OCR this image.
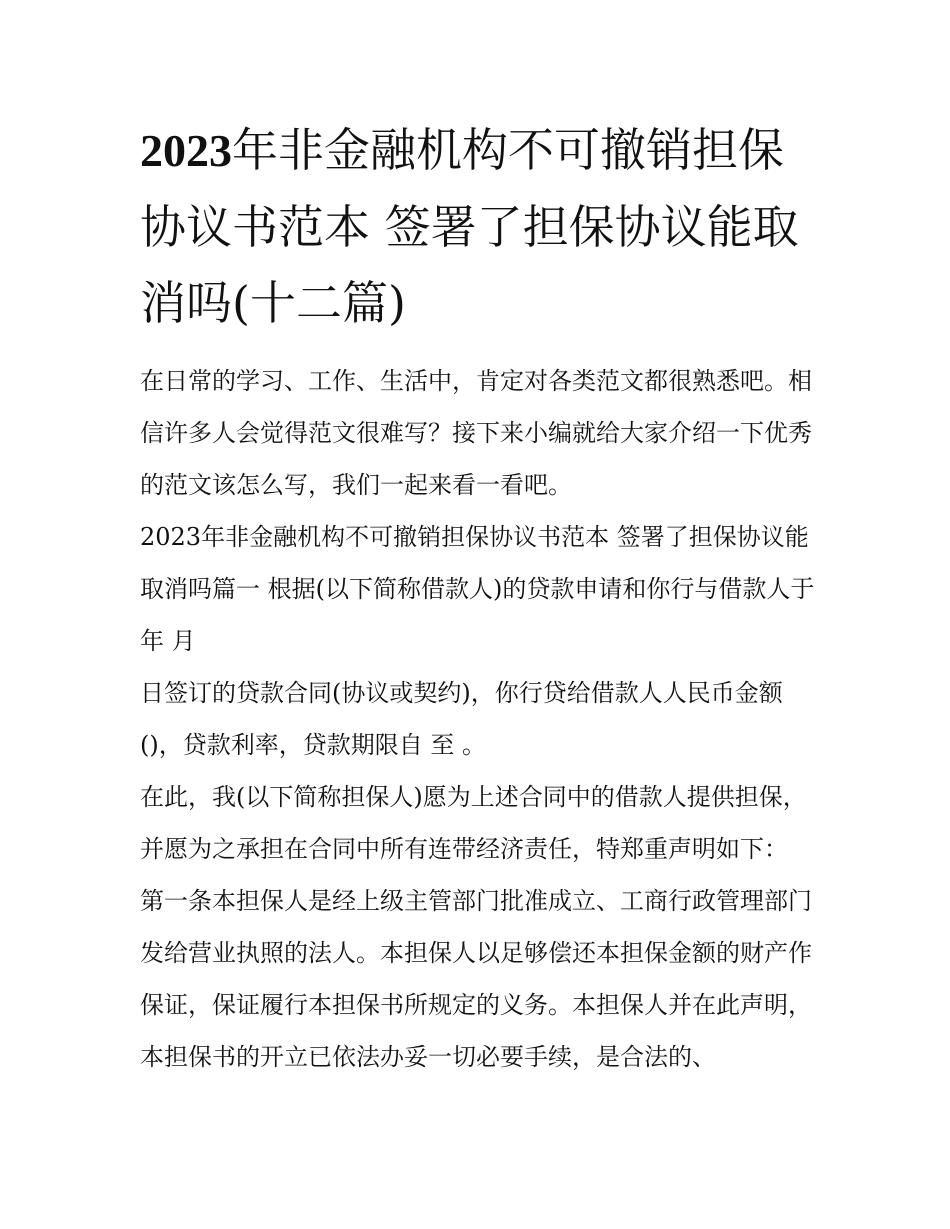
2023年非金融机构不可撤销担保协议书范本 签署了担保协议能取消吗(十二篇)

在日常的学习、工作、生活中，肯定对各类范文都很熟悉吧。相信许多人会觉得范文很难写？接下来小编就给大家介绍一下优秀的范文该怎么写，我们一起来看一看吧。

2023年非金融机构不可撤销担保协议书范本 签署了担保协议能取消吗篇一 根据(以下简称借款人)的贷款申请和你行与借款人于 年 月

日签订的贷款合同(协议或契约)，你行贷给借款人人民币金额()，贷款利率，贷款期限自 至 。

在此，我(以下简称担保人)愿为上述合同中的借款人提供担保，并愿为之承担在合同中所有连带经济责任，特郑重声明如下：

第一条本担保人是经上级主管部门批准成立、工商行政管理部门发给营业执照的法人。本担保人以足够偿还本担保金额的财产作保证，保证履行本担保书所规定的义务。本担保人并在此声明，本担保书的开立已依法办妥一切必要手续，是合法的、
